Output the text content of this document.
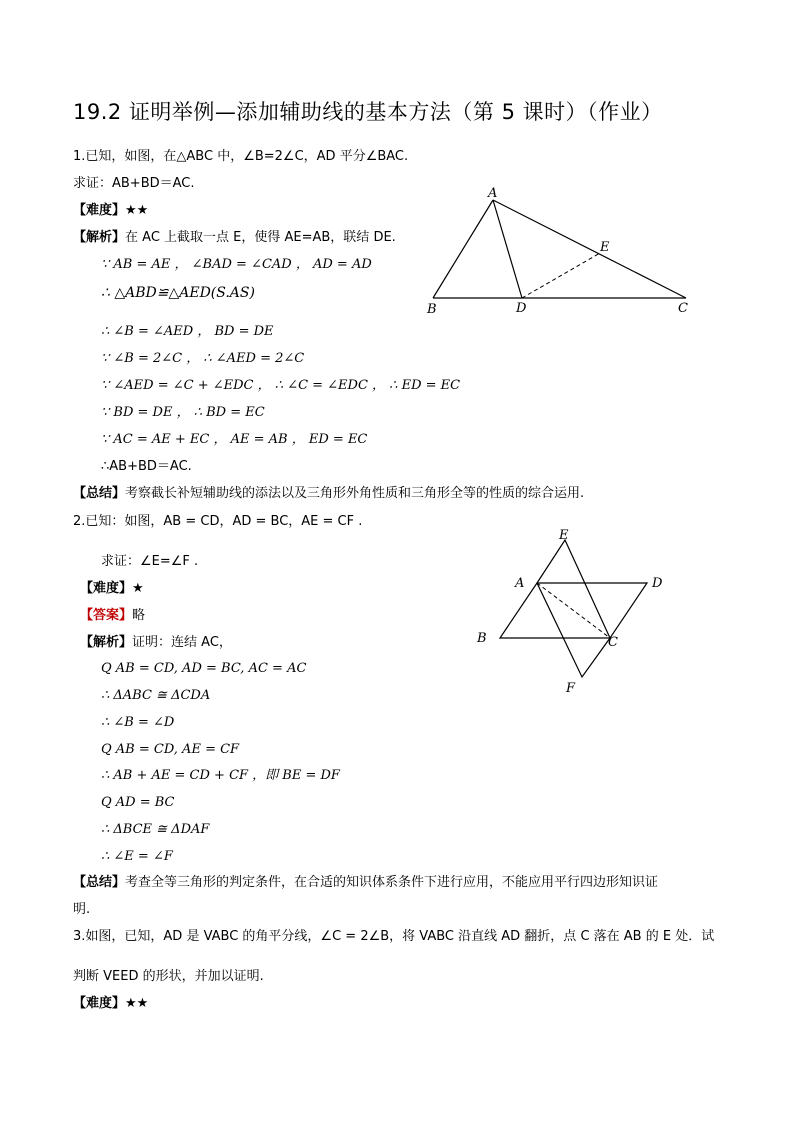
19.2 证明举例—添加辅助线的基本方法（第 5 课时）（作业）
1.已知，如图，在△ABC 中，∠B=2∠C，AD 平分∠BAC.
求证：AB+BD＝AC.
【难度】★★
【解析】在 AC 上截取一点 E，使得 AE=AB，联结 DE.
∵ AB = AE ， ∠BAD = ∠CAD ， AD = AD
∴ △ABD≌△AED(S.AS)
∴ ∠B = ∠AED ， BD = DE
∵ ∠B = 2∠C ， ∴ ∠AED = 2∠C
∵ ∠AED = ∠C + ∠EDC ， ∴ ∠C = ∠EDC ， ∴ ED = EC
∵ BD = DE ， ∴ BD = EC
∵ AC = AE + EC ， AE = AB ， ED = EC
∴AB+BD＝AC.
【总结】考察截长补短辅助线的添法以及三角形外角性质和三角形全等的性质的综合运用.
A
B	C
D
E
2.已知：如图，AB = CD，AD = BC，AE = CF .
求证：∠E=∠F .
【难度】★
【答案】略
【解析】证明：连结 AC，
Q AB = CD, AD = BC, AC = AC
∴ ΔABC ≅ ΔCDA
∴ ∠B = ∠D
Q AB = CD, AE = CF
∴ AB + AE = CD + CF ，即 BE = DF
Q AD = BC
∴ ΔBCE ≅ ΔDAF
∴ ∠E = ∠F
【总结】考查全等三角形的判定条件，在合适的知识体系条件下进行应用，不能应用平行四边形知识证
明.
A
B	C
D
E
F
3.如图，已知，AD 是 VABC 的角平分线，∠C = 2∠B，将 VABC 沿直线 AD 翻折，点 C 落在 AB 的 E 处．试
判断 VEED 的形状，并加以证明.
【难度】★★
